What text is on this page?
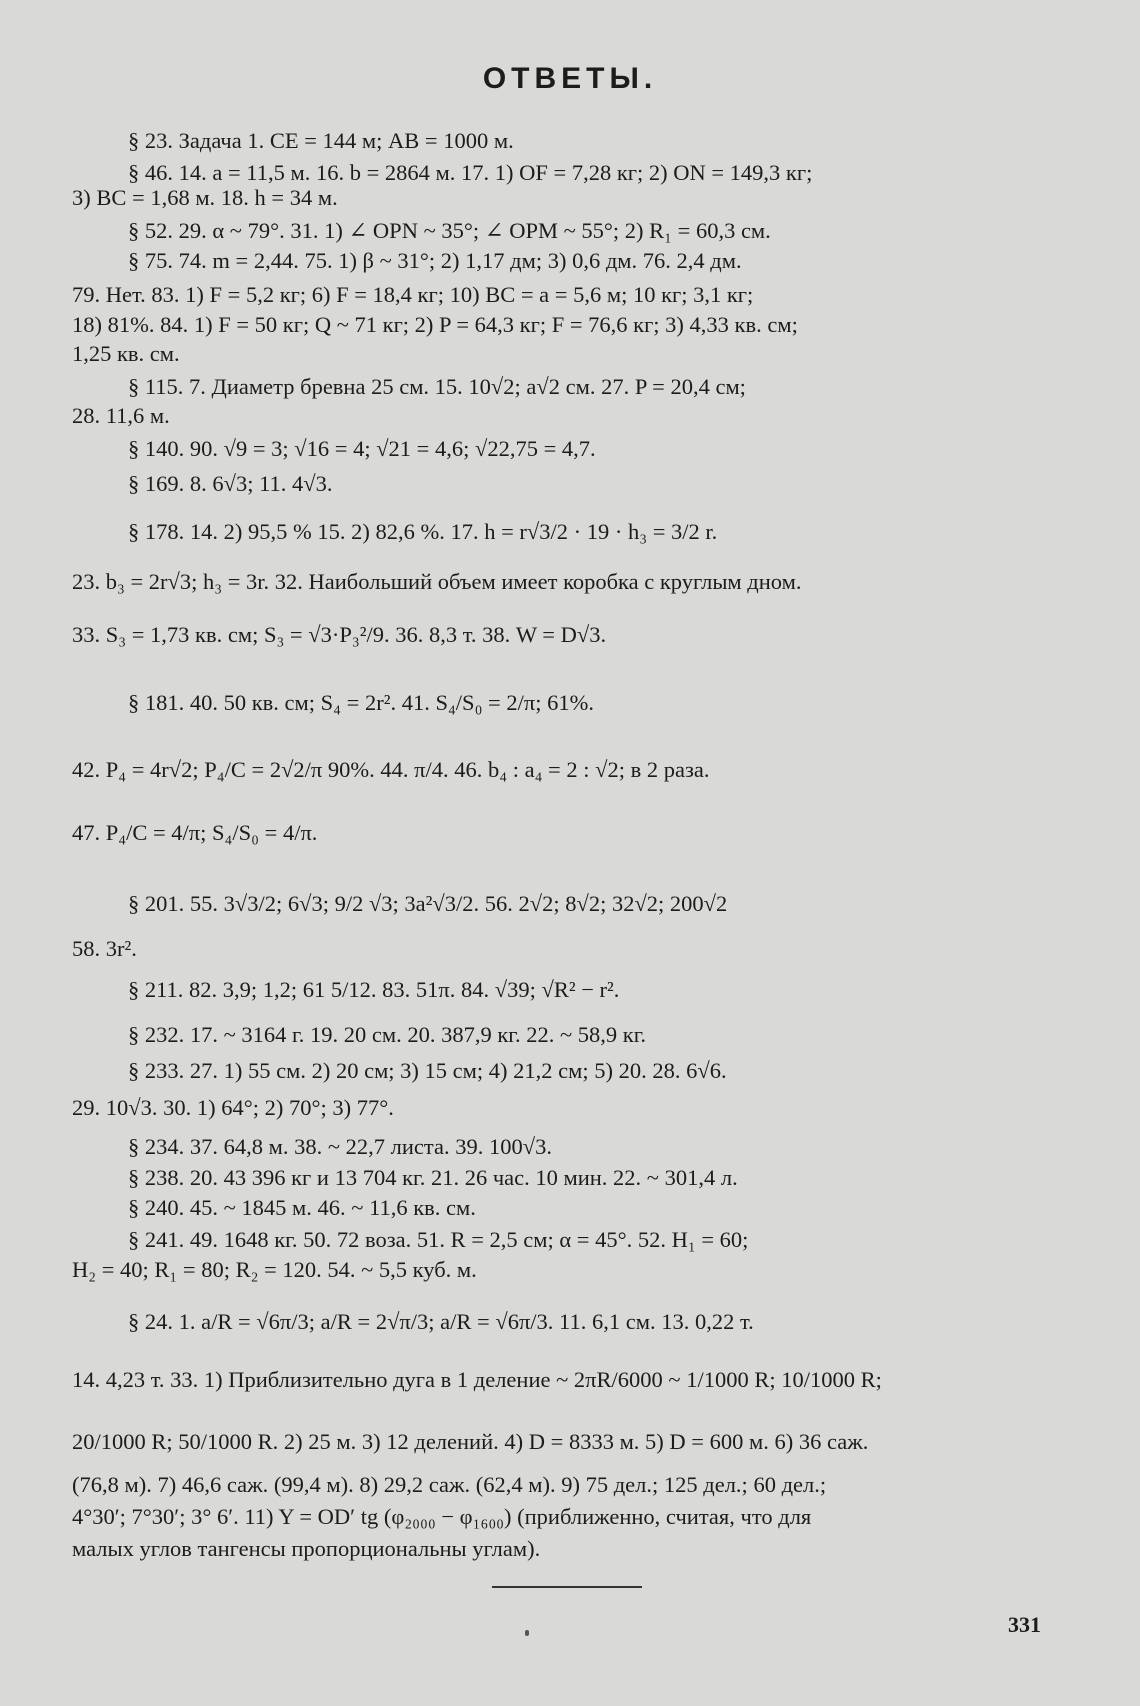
ОТВЕТЫ.
§ 23. Задача 1. CE = 144 м; AB = 1000 м.
§ 46. 14. a = 11,5 м. 16. b = 2864 м. 17. 1) OF = 7,28 кг; 2) ON = 149,3 кг;
3) BC = 1,68 м. 18. h = 34 м.
§ 52. 29. α ~ 79°. 31. 1) ∠ OPN ~ 35°; ∠ OPM ~ 55°; 2) R₁ = 60,3 см.
§ 75. 74. m = 2,44. 75. 1) β ~ 31°; 2) 1,17 дм; 3) 0,6 дм. 76. 2,4 дм.
79. Нет. 83. 1) F = 5,2 кг; 6) F = 18,4 кг; 10) BC = a = 5,6 м; 10 кг; 3,1 кг;
18) 81%. 84. 1) F = 50 кг; Q ~ 71 кг; 2) P = 64,3 кг; F = 76,6 кг; 3) 4,33 кв. см;
1,25 кв. см.
§ 115. 7. Диаметр бревна 25 см. 15. 10√2; a√2 см. 27. P = 20,4 см;
28. 11,6 м.
§ 140. 90. √9 = 3; √16 = 4; √21 = 4,6; √22,75 = 4,7.
§ 169. 8. 6√3; 11. 4√3.
§ 178. 14. 2) 95,5 % 15. 2) 82,6 %. 17. h = r√3/2 · 19 · h₃ = 3/2 r.
23. b₃ = 2r√3; h₃ = 3r. 32. Наибольший объем имеет коробка с круглым дном.
33. S₃ = 1,73 кв. см; S₃ = √3·P₃²/9. 36. 8,3 т. 38. W = D√3.
§ 181. 40. 50 кв. см; S₄ = 2r². 41. S₄/S₀ = 2/π; 61%.
42. P₄ = 4r√2; P₄/C = 2√2/π 90%. 44. π/4. 46. b₄ : a₄ = 2 : √2; в 2 раза.
47. P₄/C = 4/π; S₄/S₀ = 4/π.
§ 201. 55. 3√3/2; 6√3; 9/2 √3; 3a²√3/2. 56. 2√2; 8√2; 32√2; 200√2
58. 3r².
§ 211. 82. 3,9; 1,2; 61 5/12. 83. 51π. 84. √39; √R² − r².
§ 232. 17. ~ 3164 г. 19. 20 см. 20. 387,9 кг. 22. ~ 58,9 кг.
§ 233. 27. 1) 55 см. 2) 20 см; 3) 15 см; 4) 21,2 см; 5) 20. 28. 6√6.
29. 10√3. 30. 1) 64°; 2) 70°; 3) 77°.
§ 234. 37. 64,8 м. 38. ~ 22,7 листа. 39. 100√3.
§ 238. 20. 43 396 кг и 13 704 кг. 21. 26 час. 10 мин. 22. ~ 301,4 л.
§ 240. 45. ~ 1845 м. 46. ~ 11,6 кв. см.
§ 241. 49. 1648 кг. 50. 72 воза. 51. R = 2,5 см; α = 45°. 52. H₁ = 60;
H₂ = 40; R₁ = 80; R₂ = 120. 54. ~ 5,5 куб. м.
§ 24. 1. a/R = √6π/3; a/R = 2√π/3; a/R = √6π/3. 11. 6,1 см. 13. 0,22 т.
14. 4,23 т. 33. 1) Приблизительно дуга в 1 деление ~ 2πR/6000 ~ 1/1000 R; 10/1000 R;
20/1000 R; 50/1000 R. 2) 25 м. 3) 12 делений. 4) D = 8333 м. 5) D = 600 м. 6) 36 саж.
(76,8 м). 7) 46,6 саж. (99,4 м). 8) 29,2 саж. (62,4 м). 9) 75 дел.; 125 дел.; 60 дел.;
4°30′; 7°30′; 3° 6′. 11) Y = OD′ tg (φ₂₀₀₀ − φ₁₆₀₀) (приближенно, считая, что для
малых углов тангенсы пропорциональны углам).
331
